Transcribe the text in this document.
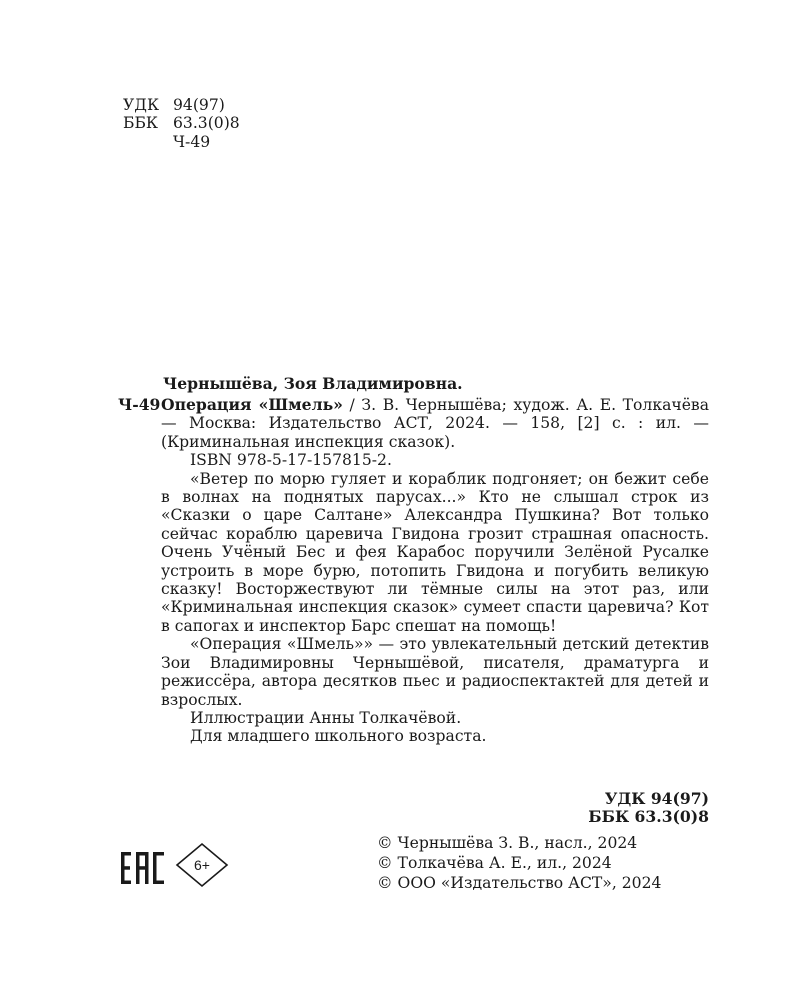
УДК 94(97)
ББК 63.3(0)8
Ч-49
Чернышёва, Зоя Владимировна.
Ч-49 Операция «Шмель» / З. В. Чернышёва; худож. А. Е. Толкачёва — Москва: Издательство АСТ, 2024. — 158, [2] с. : ил. — (Криминальная инспекция сказок).

ISBN 978-5-17-157815-2.

«Ветер по морю гуляет и кораблик подгоняет; он бежит себе в волнах на поднятых парусах...» Кто не слышал строк из «Сказки о царе Салтане» Александра Пушкина? Вот только сейчас кораблю царевича Гвидона грозит страшная опасность. Очень Учёный Бес и фея Карабос поручили Зелёной Русалке устроить в море бурю, потопить Гвидона и погубить великую сказку! Восторжествуют ли тёмные силы на этот раз, или «Криминальная инспекция сказок» сумеет спасти царевича? Кот в сапогах и инспектор Барс спешат на помощь!

«Операция «Шмель»» — это увлекательный детский детектив Зои Владимировны Чернышёвой, писателя, драматурга и режиссёра, автора десятков пьес и радиоспектактей для детей и взрослых.

Иллюстрации Анны Толкачёвой.

Для младшего школьного возраста.

УДК 94(97)
ББК 63.3(0)8
© Чернышёва З. В., насл., 2024
© Толкачёва А. Е., ил., 2024
© ООО «Издательство АСТ», 2024
6+
